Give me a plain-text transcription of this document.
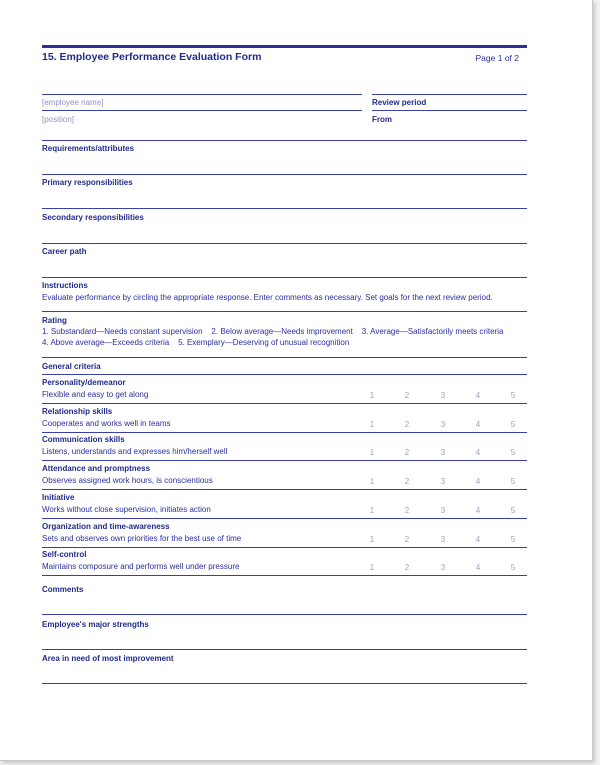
15. Employee Performance Evaluation Form	Page 1 of 2
[employee name]	Review period
[position]	From
Requirements/attributes
Primary responsibilities
Secondary responsibilities
Career path
Instructions
Evaluate performance by circling the appropriate response. Enter comments as necessary. Set goals for the next review period.
Rating
1. Substandard—Needs constant supervision    2. Below average—Needs improvement    3. Average—Satisfactorily meets criteria
4. Above average—Exceeds criteria    5. Exemplary—Deserving of unusual recognition
General criteria
Personality/demeanor
Flexible and easy to get along	1	2	3	4	5
Relationship skills
Cooperates and works well in teams	1	2	3	4	5
Communication skills
Listens, understands and expresses him/herself well	1	2	3	4	5
Attendance and promptness
Observes assigned work hours, is conscientious	1	2	3	4	5
Initiative
Works without close supervision, initiates action	1	2	3	4	5
Organization and time-awareness
Sets and observes own priorities for the best use of time	1	2	3	4	5
Self-control
Maintains composure and performs well under pressure	1	2	3	4	5
Comments
Employee's major strengths
Area in need of most improvement
